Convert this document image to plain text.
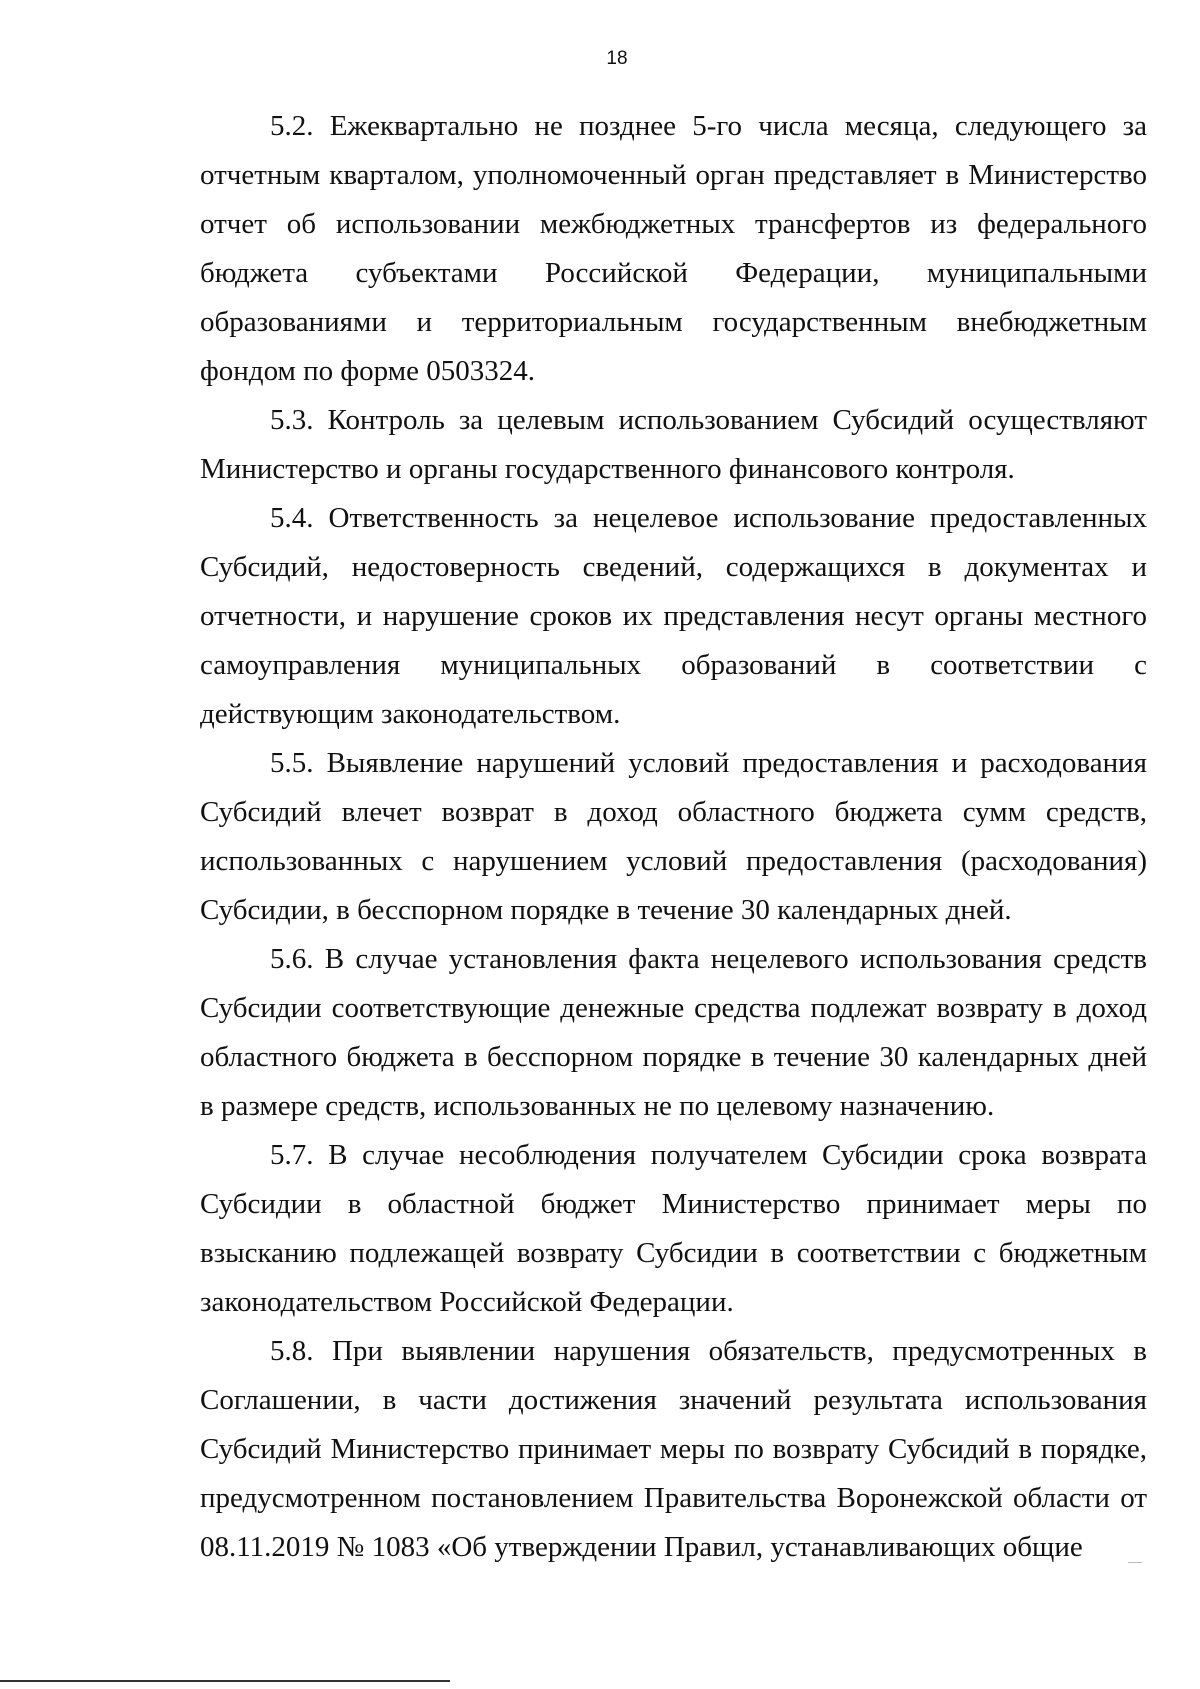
18

5.2. Ежеквартально не позднее 5-го числа месяца, следующего за отчетным кварталом, уполномоченный орган представляет в Министерство отчет об использовании межбюджетных трансфертов из федерального бюджета субъектами Российской Федерации, муниципальными образованиями и территориальным государственным внебюджетным фондом по форме 0503324.

5.3. Контроль за целевым использованием Субсидий осуществляют Министерство и органы государственного финансового контроля.

5.4. Ответственность за нецелевое использование предоставленных Субсидий, недостоверность сведений, содержащихся в документах и отчетности, и нарушение сроков их представления несут органы местного самоуправления муниципальных образований в соответствии с действующим законодательством.

5.5. Выявление нарушений условий предоставления и расходования Субсидий влечет возврат в доход областного бюджета сумм средств, использованных с нарушением условий предоставления (расходования) Субсидии, в бесспорном порядке в течение 30 календарных дней.

5.6. В случае установления факта нецелевого использования средств Субсидии соответствующие денежные средства подлежат возврату в доход областного бюджета в бесспорном порядке в течение 30 календарных дней в размере средств, использованных не по целевому назначению.

5.7. В случае несоблюдения получателем Субсидии срока возврата Субсидии в областной бюджет Министерство принимает меры по взысканию подлежащей возврату Субсидии в соответствии с бюджетным законодательством Российской Федерации.

5.8. При выявлении нарушения обязательств, предусмотренных в Соглашении, в части достижения значений результата использования Субсидий Министерство принимает меры по возврату Субсидий в порядке, предусмотренном постановлением Правительства Воронежской области от 08.11.2019 № 1083 «Об утверждении Правил, устанавливающих общие
